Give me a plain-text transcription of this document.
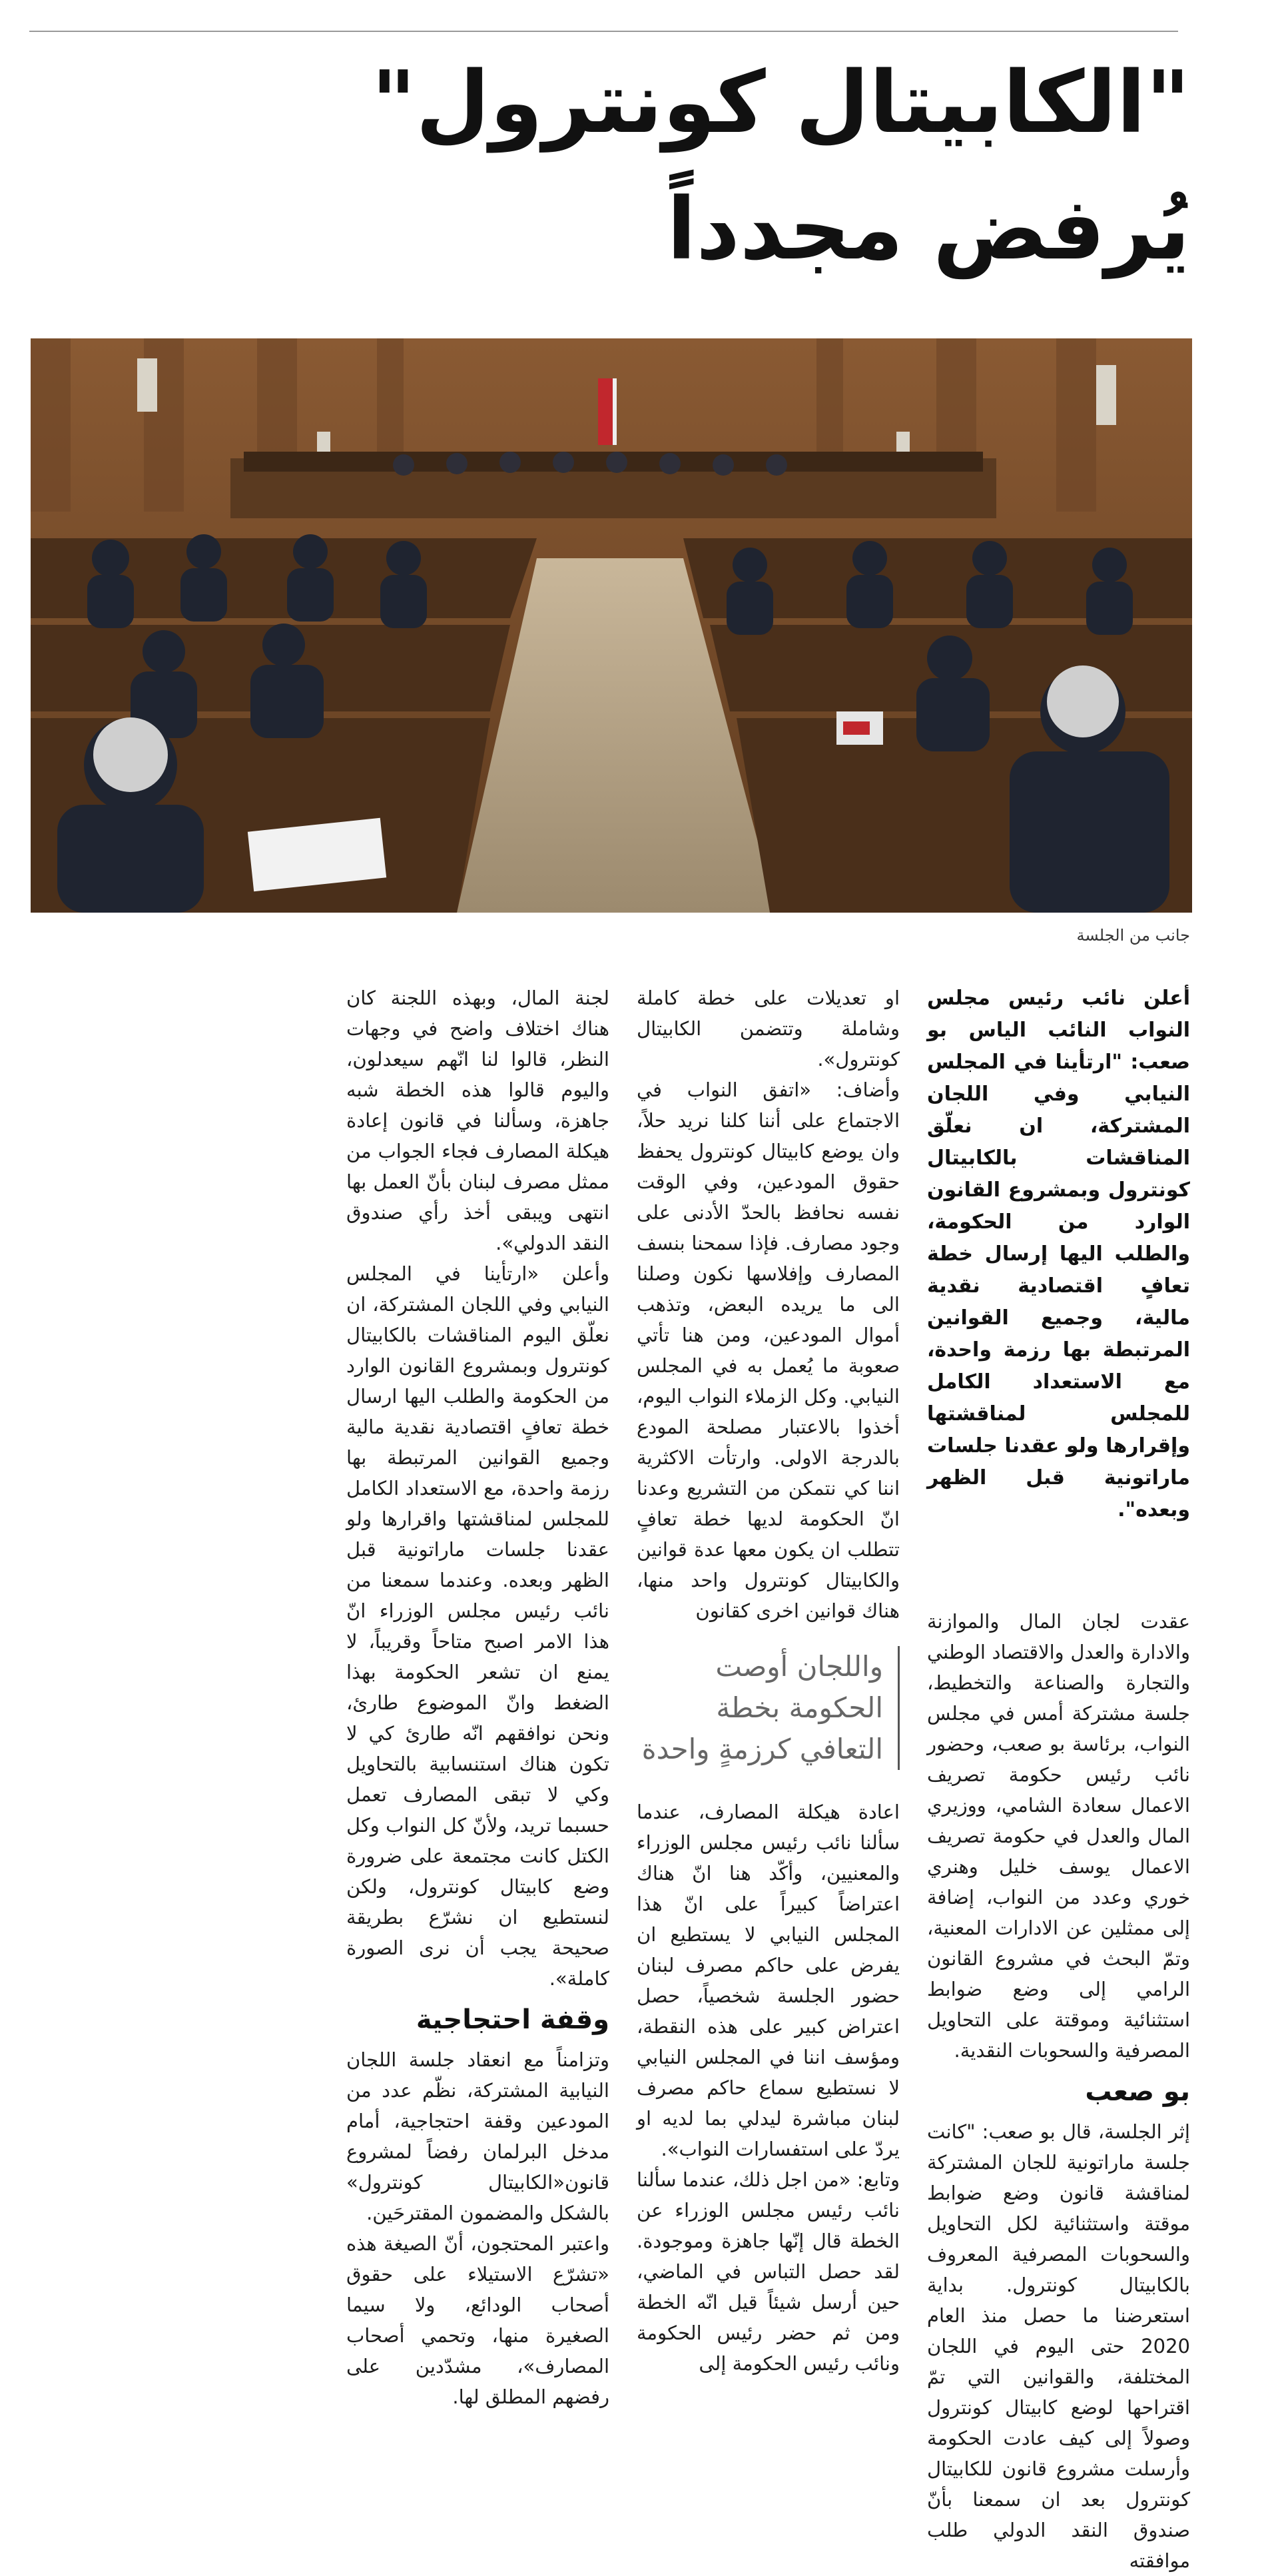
"الكابيتال كونترول"
يُرفض مجدداً
جانب من الجلسة

أعلن نائب رئيس مجلس النواب النائب الياس بو صعب: "ارتأينا في المجلس النيابي وفي اللجان المشتركة، ان نعلّق المناقشات بالكابيتال كونترول وبمشروع القانون الوارد من الحكومة، والطلب اليها إرسال خطة تعافٍ اقتصادية نقدية مالية، وجميع القوانين المرتبطة بها رزمة واحدة، مع الاستعداد الكامل للمجلس لمناقشتها وإقرارها ولو عقدنا جلسات ماراتونية قبل الظهر وبعده".

عقدت لجان المال والموازنة والادارة والعدل والاقتصاد الوطني والتجارة والصناعة والتخطيط، جلسة مشتركة أمس في مجلس النواب، برئاسة بو صعب، وحضور نائب رئيس حكومة تصريف الاعمال سعادة الشامي، ووزيري المال والعدل في حكومة تصريف الاعمال يوسف خليل وهنري خوري وعدد من النواب، إضافة إلى ممثلين عن الادارات المعنية، وتمّ البحث في مشروع القانون الرامي إلى وضع ضوابط استثنائية وموقتة على التحاويل المصرفية والسحوبات النقدية.

بو صعب

إثر الجلسة، قال بو صعب: "كانت جلسة ماراتونية للجان المشتركة لمناقشة قانون وضع ضوابط موقتة واستثنائية لكل التحاويل والسحوبات المصرفية المعروف بالكابيتال كونترول. بداية استعرضنا ما حصل منذ العام 2020 حتى اليوم في اللجان المختلفة، والقوانين التي تمّ اقتراحها لوضع كابيتال كونترول وصولاً إلى كيف عادت الحكومة وأرسلت مشروع قانون للكابيتال كونترول بعد ان سمعنا بأنّ صندوق النقد الدولي طلب موافقته

او تعديلات على خطة كاملة وشاملة وتتضمن الكابيتال كونترول».

وأضاف: «اتفق النواب في الاجتماع على أننا كلنا نريد حلاً، وان يوضع كابيتال كونترول يحفظ حقوق المودعين، وفي الوقت نفسه نحافظ بالحدّ الأدنى على وجود مصارف. فإذا سمحنا بنسف المصارف وإفلاسها نكون وصلنا الى ما يريده البعض، وتذهب أموال المودعين، ومن هنا تأتي صعوبة ما يُعمل به في المجلس النيابي. وكل الزملاء النواب اليوم، أخذوا بالاعتبار مصلحة المودع بالدرجة الاولى. وارتأت الاكثرية اننا كي نتمكن من التشريع وعدنا انّ الحكومة لديها خطة تعافٍ تتطلب ان يكون معها عدة قوانين والكابيتال كونترول واحد منها، هناك قوانين اخرى كقانون

واللجان أوصت الحكومة بخطة التعافي كرزمةٍ واحدة

اعادة هيكلة المصارف، عندما سألنا نائب رئيس مجلس الوزراء والمعنيين، وأكّد هنا انّ هناك اعتراضاً كبيراً على انّ هذا المجلس النيابي لا يستطيع ان يفرض على حاكم مصرف لبنان حضور الجلسة شخصياً، حصل اعتراض كبير على هذه النقطة، ومؤسف اننا في المجلس النيابي لا نستطيع سماع حاكم مصرف لبنان مباشرة ليدلي بما لديه او يردّ على استفسارات النواب».

وتابع: «من اجل ذلك، عندما سألنا نائب رئيس مجلس الوزراء عن الخطة قال إنّها جاهزة وموجودة. لقد حصل التباس في الماضي، حين أرسل شيئاً قيل انّه الخطة ومن ثم حضر رئيس الحكومة ونائب رئيس الحكومة إلى

لجنة المال، وبهذه اللجنة كان هناك اختلاف واضح في وجهات النظر، قالوا لنا انّهم سيعدلون، واليوم قالوا هذه الخطة شبه جاهزة، وسألنا في قانون إعادة هيكلة المصارف فجاء الجواب من ممثل مصرف لبنان بأنّ العمل بها انتهى ويبقى أخذ رأي صندوق النقد الدولي».

وأعلن «ارتأينا في المجلس النيابي وفي اللجان المشتركة، ان نعلّق اليوم المناقشات بالكابيتال كونترول وبمشروع القانون الوارد من الحكومة والطلب اليها ارسال خطة تعافٍ اقتصادية نقدية مالية وجميع القوانين المرتبطة بها رزمة واحدة، مع الاستعداد الكامل للمجلس لمناقشتها واقرارها ولو عقدنا جلسات ماراتونية قبل الظهر وبعده. وعندما سمعنا من نائب رئيس مجلس الوزراء انّ هذا الامر اصبح متاحاً وقريباً، لا يمنع ان تشعر الحكومة بهذا الضغط وانّ الموضوع طارئ، ونحن نوافقهم انّه طارئ كي لا تكون هناك استنسابية بالتحاويل وكي لا تبقى المصارف تعمل حسبما تريد، ولأنّ كل النواب وكل الكتل كانت مجتمعة على ضرورة وضع كابيتال كونترول، ولكن لنستطيع ان نشرّع بطريقة صحيحة يجب أن نرى الصورة كاملة».

وقفة احتجاجية

وتزامناً مع انعقاد جلسة اللجان النيابية المشتركة، نظّم عدد من المودعين وقفة احتجاجية، أمام مدخل البرلمان رفضاً لمشروع قانون«الكابيتال كونترول» بالشكل والمضمون المقترحَين.

واعتبر المحتجون، أنّ الصيغة هذه «تشرّع الاستيلاء على حقوق أصحاب الودائع، ولا سيما الصغيرة منها، وتحمي أصحاب المصارف»، مشدّدين على رفضهم المطلق لها.
